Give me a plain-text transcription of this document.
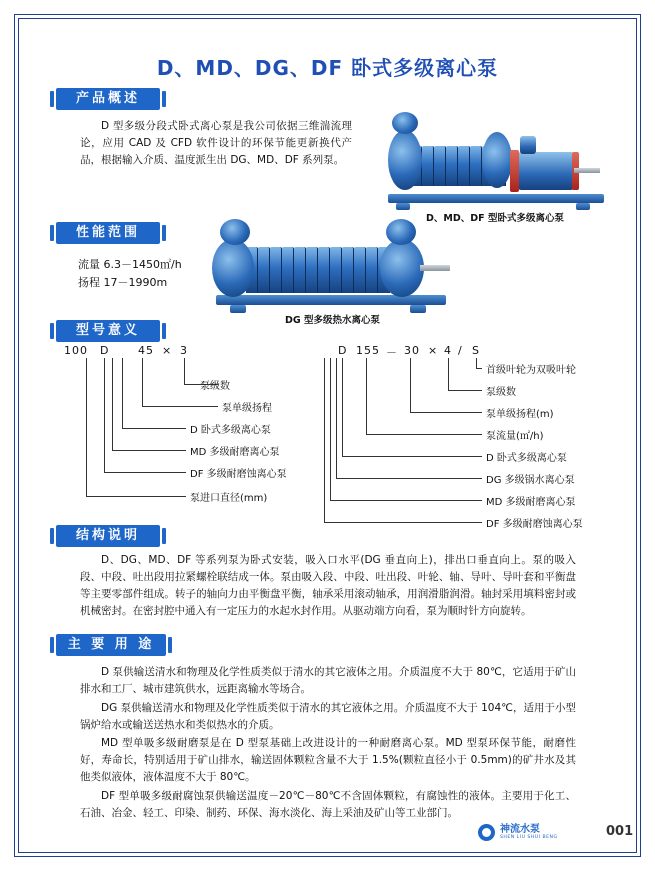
D、MD、DG、DF 卧式多级离心泵
产品概述
D 型多级分段式卧式离心泵是我公司依据三维湍流理论，应用 CAD 及 CFD 软件设计的环保节能更新换代产品，根据输入介质、温度派生出 DG、MD、DF 系列泵。
D、MD、DF 型卧式多级离心泵
性能范围
流量 6.3－1450㎡/h
扬程 17－1990m
DG 型多级热水离心泵
型号意义
100 D	45 × 3
泵级数
泵单级扬程
D 卧式多级离心泵
MD 多级耐磨离心泵
DF 多级耐磨蚀离心泵
泵进口直径(mm)
D 155 － 30 × 4 / S
首级叶轮为双吸叶轮
泵级数
泵单级扬程(m)
泵流量(㎡/h)
D 卧式多级离心泵
DG 多级锅水离心泵
MD 多级耐磨离心泵
DF 多级耐磨蚀离心泵
结构说明
D、DG、MD、DF 等系列泵为卧式安装，吸入口水平(DG 垂直向上)，排出口垂直向上。泵的吸入段、中段、吐出段用拉紧螺栓联结成一体。泵由吸入段、中段、吐出段、叶轮、轴、导叶、导叶套和平衡盘等主要零部件组成。转子的轴向力由平衡盘平衡，轴承采用滚动轴承，用润滑脂润滑。轴封采用填料密封或机械密封。在密封腔中通入有一定压力的水起水封作用。从驱动端方向看，泵为顺时针方向旋转。
主 要 用 途
D 泵供输送清水和物理及化学性质类似于清水的其它液体之用。介质温度不大于 80℃，它适用于矿山排水和工厂、城市建筑供水，远距离输水等场合。
DG 泵供输送清水和物理及化学性质类似于清水的其它液体之用。介质温度不大于 104℃，适用于小型锅炉给水或输送送热水和类似热水的介质。
MD 型单吸多级耐磨泵是在 D 型泵基础上改进设计的一种耐磨离心泵。MD 型泵环保节能，耐磨性好，寿命长，特别适用于矿山排水，输送固体颗粒含量不大于 1.5%(颗粒直径小于 0.5mm)的矿井水及其他类似液体，液体温度不大于 80℃。
DF 型单吸多级耐腐蚀泵供输送温度－20℃－80℃不含固体颗粒，有腐蚀性的液体。主要用于化工、石油、冶金、轻工、印染、制药、环保、海水淡化、海上采油及矿山等工业部门。
神流水泵
SHEN LIU SHUI BENG	001
